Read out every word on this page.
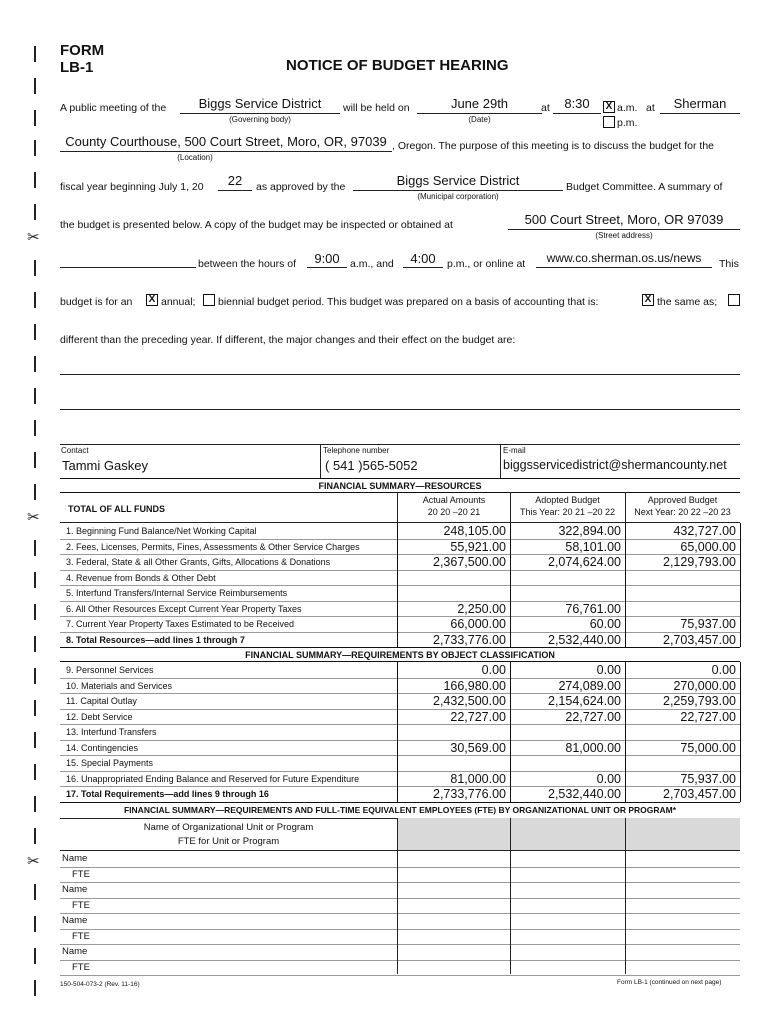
✂
✂
✂
FORM
LB-1	NOTICE OF BUDGET HEARING
A public meeting of the	Biggs Service District
(Governing body)
will be held on	June 29th
(Date)
at	8:30	X a.m.
p.m.
at	Sherman
County Courthouse, 500 Court Street, Moro, OR, 97039
(Location)
, Oregon. The purpose of this meeting is to discuss the budget for the
fiscal year beginning July 1, 20	22	as approved by the	Biggs Service District
(Municipal corporation)
Budget Committee. A summary of
the budget is presented below. A copy of the budget may be inspected or obtained at	500 Court Street, Moro, OR 97039
(Street address)
between the hours of	9:00 a.m., and	4:00	p.m., or online at	www.co.sherman.os.us/news	This
budget is for an X annual; biennial budget period. This budget was prepared on a basis of accounting that is:	X the same as;
different than the preceding year. If different, the major changes and their effect on the budget are:
Contact	Telephone number	E-mail
Tammi Gaskey	( 541 )565-5052	biggsservicedistrict@shermancounty.net
FINANCIAL SUMMARY—RESOURCES
TOTAL OF ALL FUNDS
Actual Amounts
20 20 –20 21
Adopted Budget
This Year: 20 21 –20 22
Approved Budget
Next Year: 20 22 –20 23
1. Beginning Fund Balance/Net Working Capital	248,105.00	322,894.00	432,727.00
2. Fees, Licenses, Permits, Fines, Assessments & Other Service Charges	55,921.00	58,101.00	65,000.00
3. Federal, State & all Other Grants, Gifts, Allocations & Donations	2,367,500.00	2,074,624.00	2,129,793.00
4. Revenue from Bonds & Other Debt
5. Interfund Transfers/Internal Service Reimbursements
6. All Other Resources Except Current Year Property Taxes	2,250.00	76,761.00
7. Current Year Property Taxes Estimated to be Received	66,000.00	60.00	75,937.00
8. Total Resources—add lines 1 through 7	2,733,776.00	2,532,440.00	2,703,457.00
FINANCIAL SUMMARY—REQUIREMENTS BY OBJECT CLASSIFICATION
9. Personnel Services	0.00	0.00	0.00
10. Materials and Services	166,980.00	274,089.00	270,000.00
11. Capital Outlay	2,432,500.00	2,154,624.00	2,259,793.00
12. Debt Service	22,727.00	22,727.00	22,727.00
13. Interfund Transfers
14. Contingencies	30,569.00	81,000.00	75,000.00
15. Special Payments
16. Unappropriated Ending Balance and Reserved for Future Expenditure	81,000.00	0.00	75,937.00
17. Total Requirements—add lines 9 through 16	2,733,776.00	2,532,440.00	2,703,457.00
FINANCIAL SUMMARY—REQUIREMENTS AND FULL-TIME EQUIVALENT EMPLOYEES (FTE) BY ORGANIZATIONAL UNIT OR PROGRAM*
Name of Organizational Unit or Program
FTE for Unit or Program
Name
FTE
Name
FTE
Name
FTE
Name
FTE
150-504-073-2 (Rev. 11-16)	Form LB-1 (continued on next page)
